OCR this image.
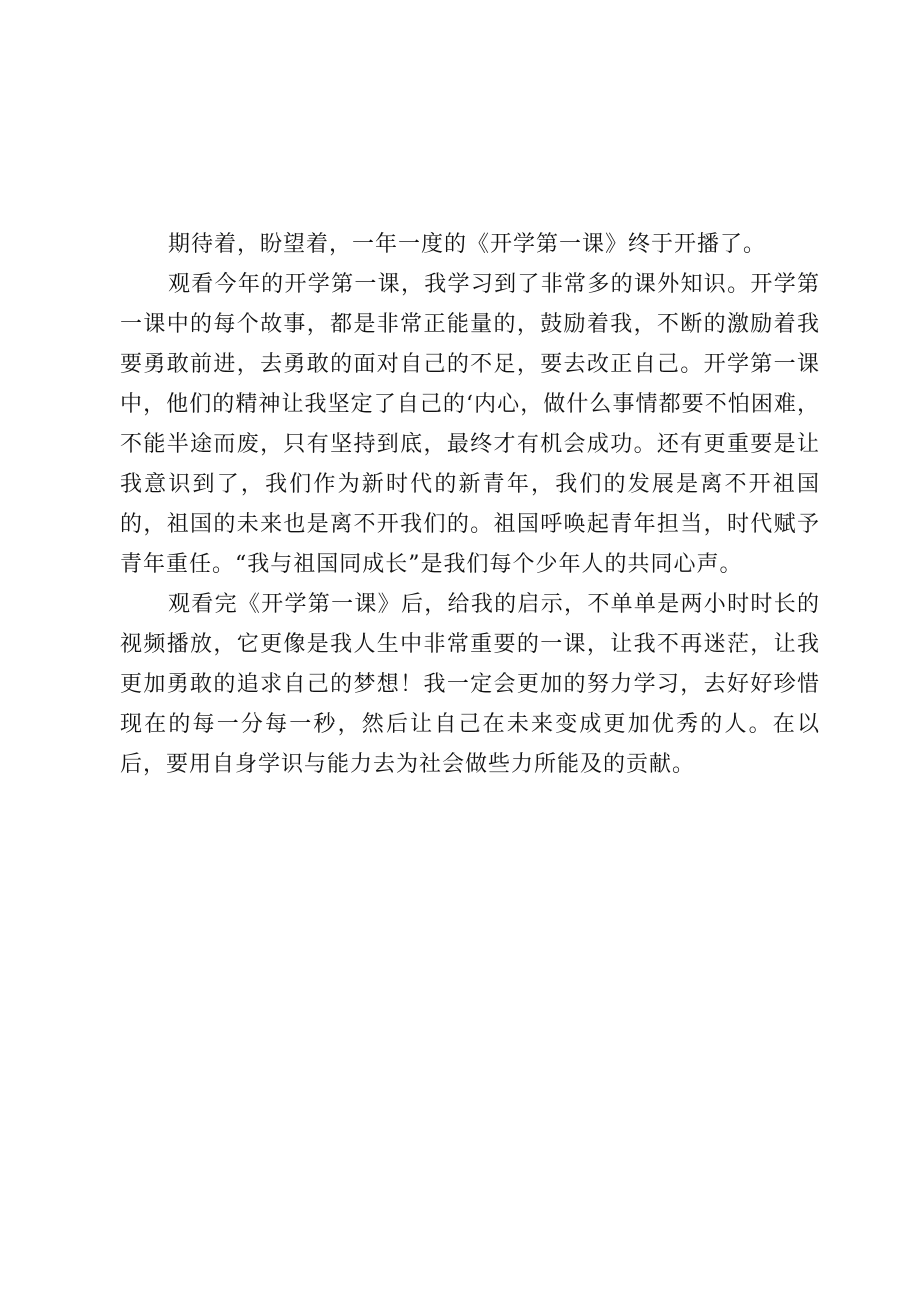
期待着，盼望着，一年一度的《开学第一课》终于开播了。

观看今年的开学第一课，我学习到了非常多的课外知识。开学第一课中的每个故事，都是非常正能量的，鼓励着我，不断的激励着我要勇敢前进，去勇敢的面对自己的不足，要去改正自己。开学第一课中，他们的精神让我坚定了自己的‘内心，做什么事情都要不怕困难，不能半途而废，只有坚持到底，最终才有机会成功。还有更重要是让我意识到了，我们作为新时代的新青年，我们的发展是离不开祖国的，祖国的未来也是离不开我们的。祖国呼唤起青年担当，时代赋予青年重任。“我与祖国同成长”是我们每个少年人的共同心声。

观看完《开学第一课》后，给我的启示，不单单是两小时时长的视频播放，它更像是我人生中非常重要的一课，让我不再迷茫，让我更加勇敢的追求自己的梦想！我一定会更加的努力学习，去好好珍惜现在的每一分每一秒，然后让自己在未来变成更加优秀的人。在以后，要用自身学识与能力去为社会做些力所能及的贡献。
